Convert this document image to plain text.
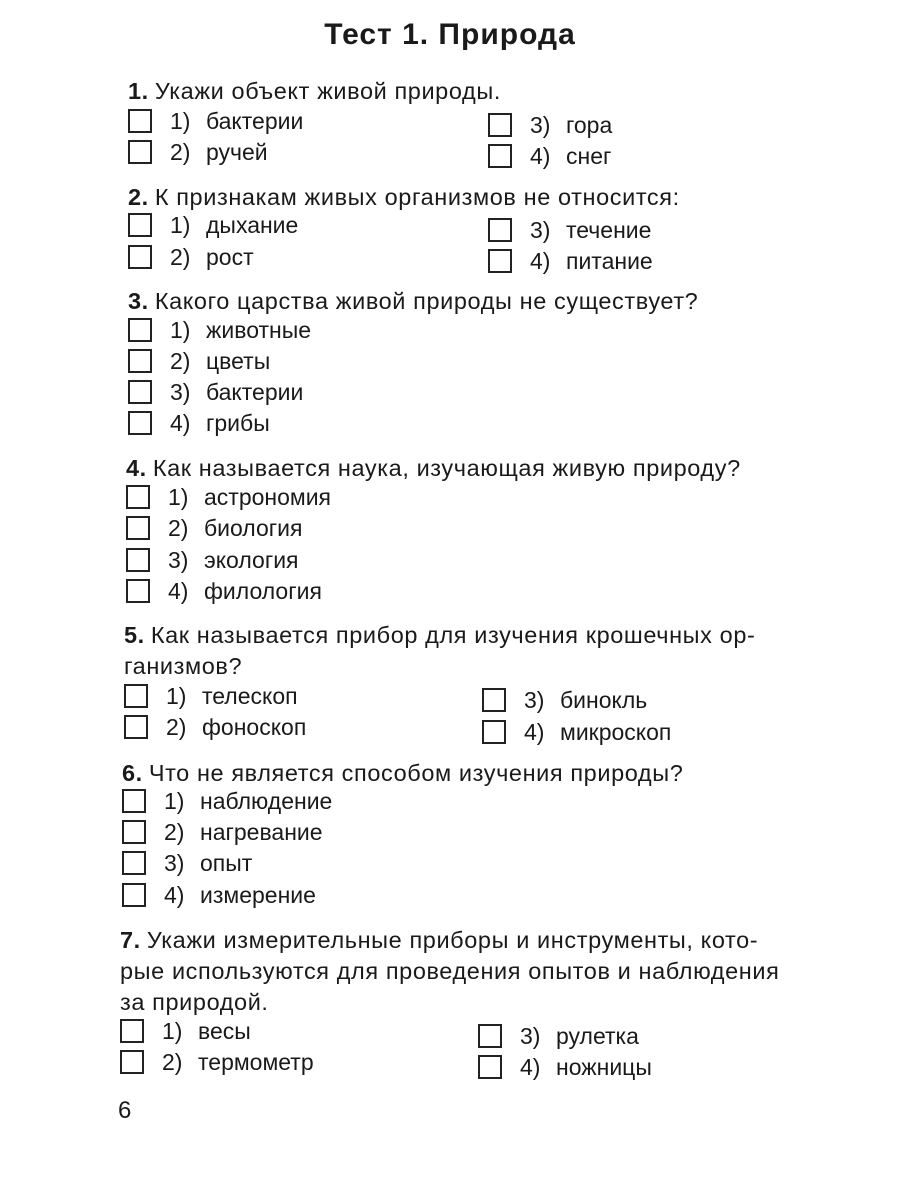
Тест 1. Природа
1. Укажи объект живой природы.
1) бактерии
2) ручей
3) гора
4) снег
2. К признакам живых организмов не относится:
1) дыхание
2) рост
3) течение
4) питание
3. Какого царства живой природы не существует?
1) животные
2) цветы
3) бактерии
4) грибы
4. Как называется наука, изучающая живую природу?
1) астрономия
2) биология
3) экология
4) филология
5. Как называется прибор для изучения крошечных ор-
ганизмов?
1) телескоп
2) фоноскоп
3) бинокль
4) микроскоп
6. Что не является способом изучения природы?
1) наблюдение
2) нагревание
3) опыт
4) измерение
7. Укажи измерительные приборы и инструменты, кото-
рые используются для проведения опытов и наблюдения
за природой.
1) весы
2) термометр
3) рулетка
4) ножницы
6
